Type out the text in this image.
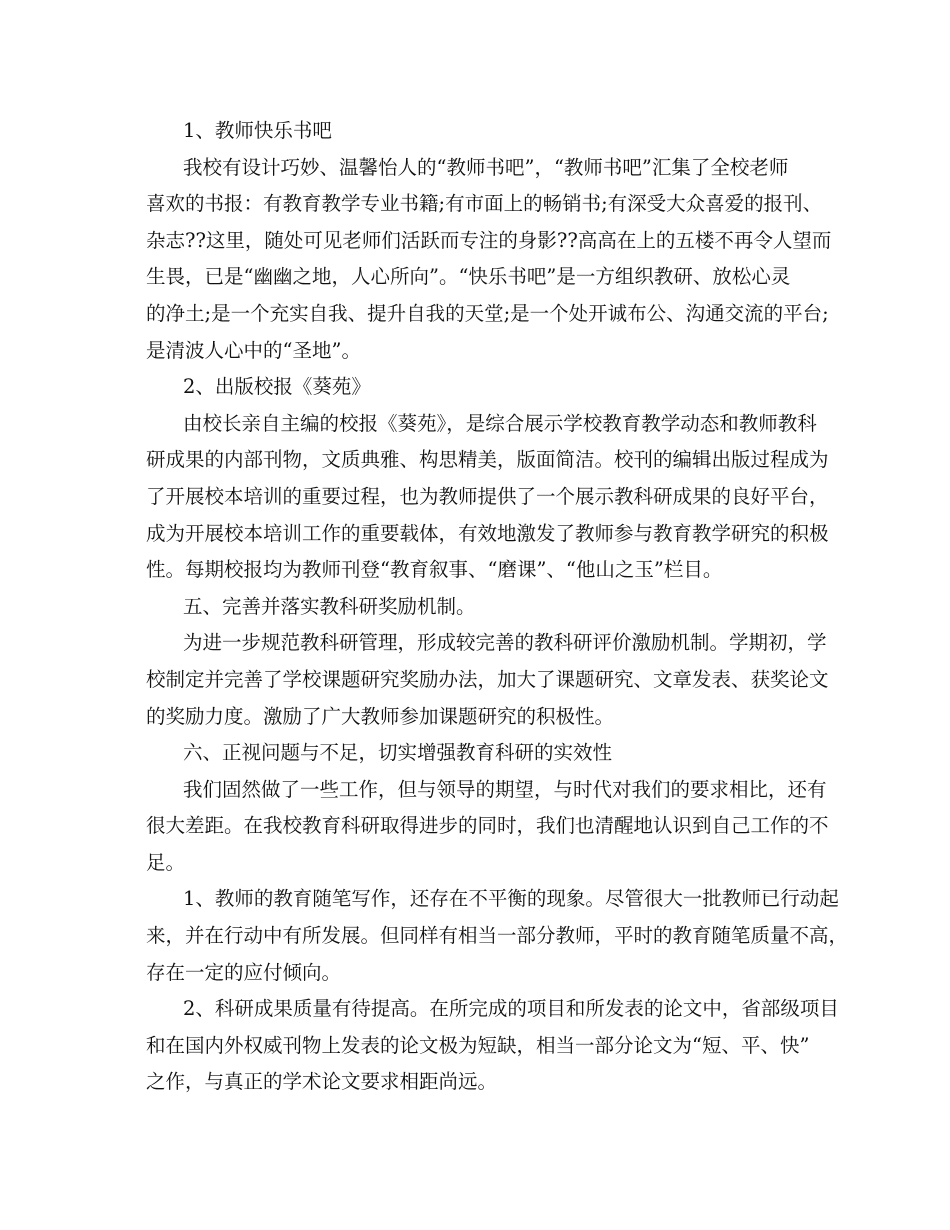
1、教师快乐书吧
我校有设计巧妙、温馨怡人的“教师书吧”，“教师书吧”汇集了全校老师
喜欢的书报：有教育教学专业书籍;有市面上的畅销书;有深受大众喜爱的报刊、
杂志??这里，随处可见老师们活跃而专注的身影??高高在上的五楼不再令人望而
生畏，已是“幽幽之地，人心所向”。“快乐书吧”是一方组织教研、放松心灵
的净土;是一个充实自我、提升自我的天堂;是一个处开诚布公、沟通交流的平台;
是清波人心中的“圣地”。
2、出版校报《葵苑》
由校长亲自主编的校报《葵苑》，是综合展示学校教育教学动态和教师教科
研成果的内部刊物，文质典雅、构思精美，版面简洁。校刊的编辑出版过程成为
了开展校本培训的重要过程，也为教师提供了一个展示教科研成果的良好平台，
成为开展校本培训工作的重要载体，有效地激发了教师参与教育教学研究的积极
性。每期校报均为教师刊登“教育叙事、“磨课”、“他山之玉”栏目。
五、完善并落实教科研奖励机制。
为进一步规范教科研管理，形成较完善的教科研评价激励机制。学期初，学
校制定并完善了学校课题研究奖励办法，加大了课题研究、文章发表、获奖论文
的奖励力度。激励了广大教师参加课题研究的积极性。
六、正视问题与不足，切实增强教育科研的实效性
我们固然做了一些工作，但与领导的期望，与时代对我们的要求相比，还有
很大差距。在我校教育科研取得进步的同时，我们也清醒地认识到自己工作的不
足。
1、教师的教育随笔写作，还存在不平衡的现象。尽管很大一批教师已行动起
来，并在行动中有所发展。但同样有相当一部分教师，平时的教育随笔质量不高，
存在一定的应付倾向。
2、科研成果质量有待提高。在所完成的项目和所发表的论文中，省部级项目
和在国内外权威刊物上发表的论文极为短缺，相当一部分论文为“短、平、快”
之作，与真正的学术论文要求相距尚远。
